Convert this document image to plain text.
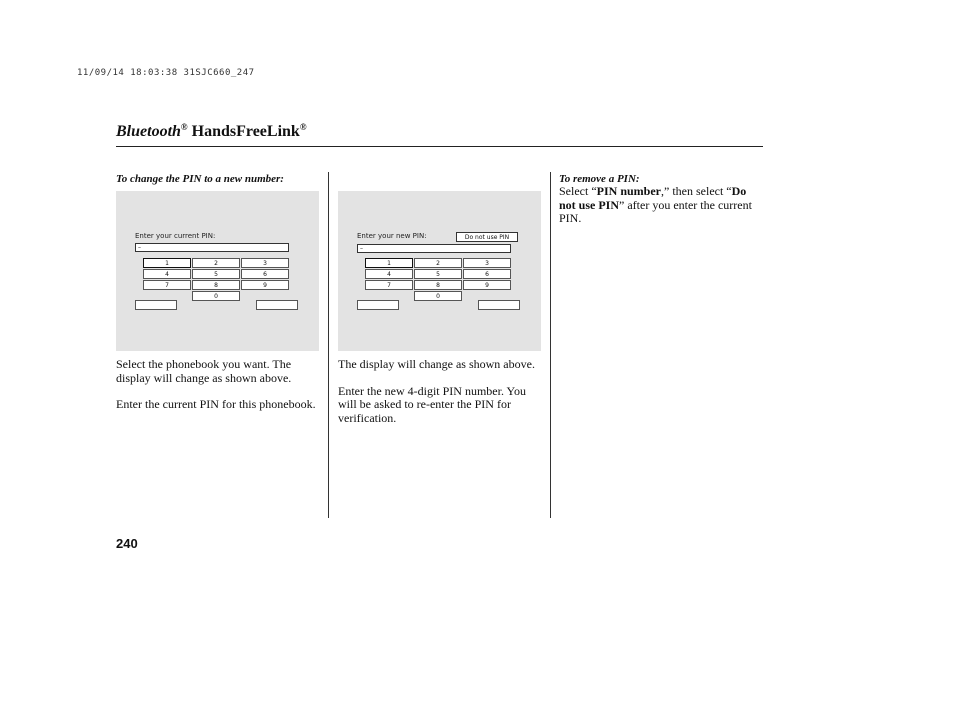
11/09/14 18:03:38 31SJC660_247
Bluetooth® HandsFreeLink®
To change the PIN to a new number:
Enter your current PIN:
–
1	2	3
4	5	6
7	8	9
0

Select the phonebook you want. The display will change as shown above.

Enter the current PIN for this phonebook.

Enter your new PIN:	Do not use PIN
–
1	2	3
4	5	6
7	8	9
0

The display will change as shown above.

Enter the new 4-digit PIN number. You will be asked to re-enter the PIN for verification.

To remove a PIN:

Select “PIN number,” then select “Do not use PIN” after you enter the current PIN.

240
